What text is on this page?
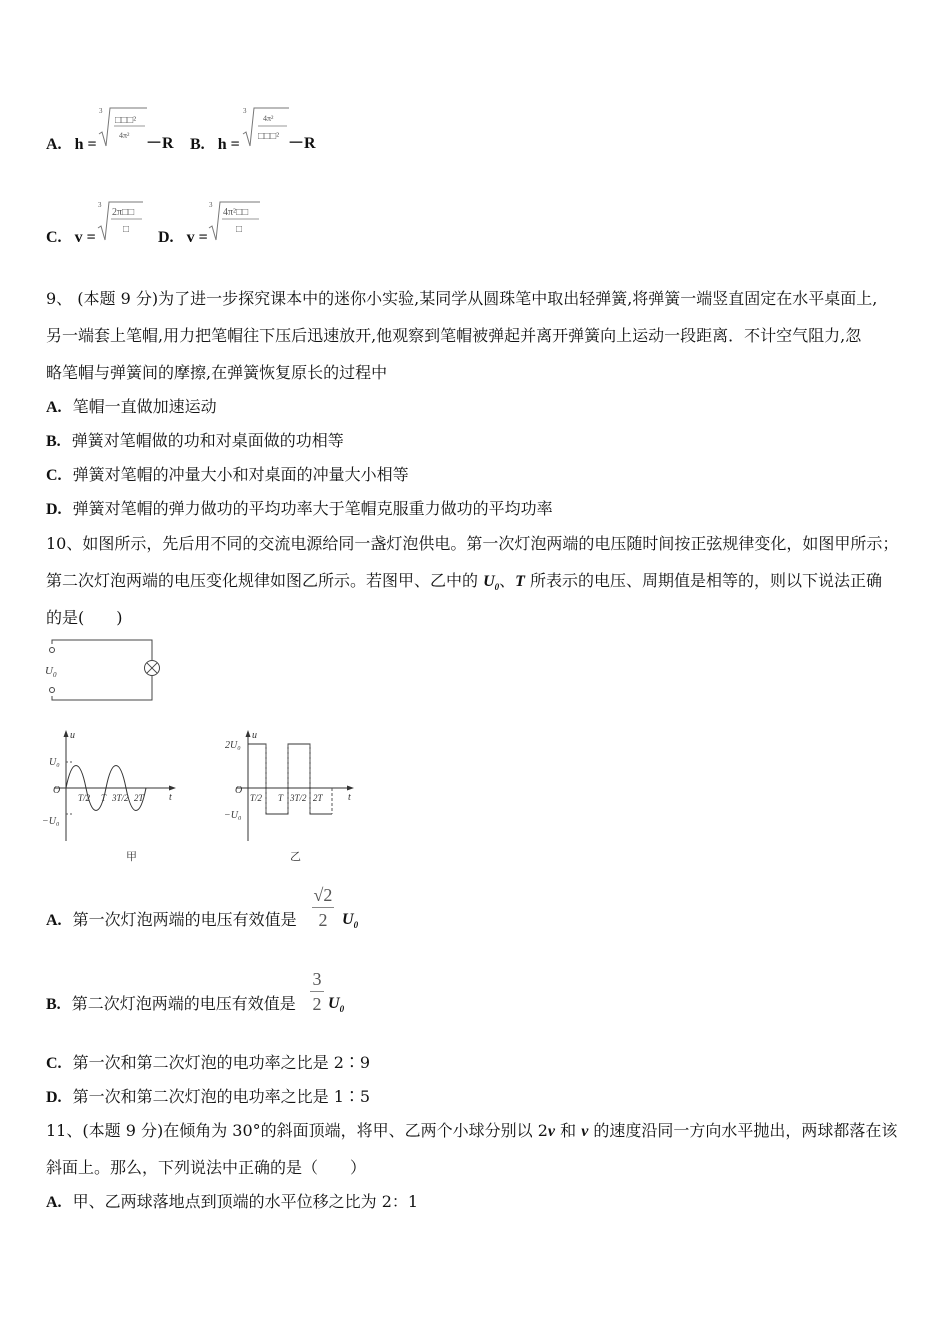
A. h =
3
□□□²
4π² －R B. h =
3
4π²
□□□² －R
C. v =
3
2π□□
□ D. v =
3
4π²□□
□
9、 (本题 9 分)为了进一步探究课本中的迷你小实验,某同学从圆珠笔中取出轻弹簧,将弹簧一端竖直固定在水平桌面上,
另一端套上笔帽,用力把笔帽往下压后迅速放开,他观察到笔帽被弹起并离开弹簧向上运动一段距离．不计空气阻力,忽
略笔帽与弹簧间的摩擦,在弹簧恢复原长的过程中
A. 笔帽一直做加速运动
B. 弹簧对笔帽做的功和对桌面做的功相等
C. 弹簧对笔帽的冲量大小和对桌面的冲量大小相等
D. 弹簧对笔帽的弹力做功的平均功率大于笔帽克服重力做功的平均功率
10、如图所示，先后用不同的交流电源给同一盏灯泡供电。第一次灯泡两端的电压随时间按正弦规律变化，如图甲所示；
第二次灯泡两端的电压变化规律如图乙所示。若图甲、乙中的 $U_0$、T 所表示的电压、周期值是相等的，则以下说法正确
的是(　　)
$U_0$
u
t
O
U₀
−U₀
T/2 T 3T/2 2T
甲
u
t
O
2U₀
−U₀
T/2 T 3T/2 2T
乙
A. 第一次灯泡两端的电压有效值是
√2
2 $U_0$
B. 第二次灯泡两端的电压有效值是
3
2 $U_0$
C. 第一次和第二次灯泡的电功率之比是 2∶9
D. 第一次和第二次灯泡的电功率之比是 1∶5
11、(本题 9 分)在倾角为 30°的斜面顶端，将甲、乙两个小球分别以 2v 和 v 的速度沿同一方向水平抛出，两球都落在该
斜面上。那么，下列说法中正确的是（　　）
A. 甲、乙两球落地点到顶端的水平位移之比为 2：1
